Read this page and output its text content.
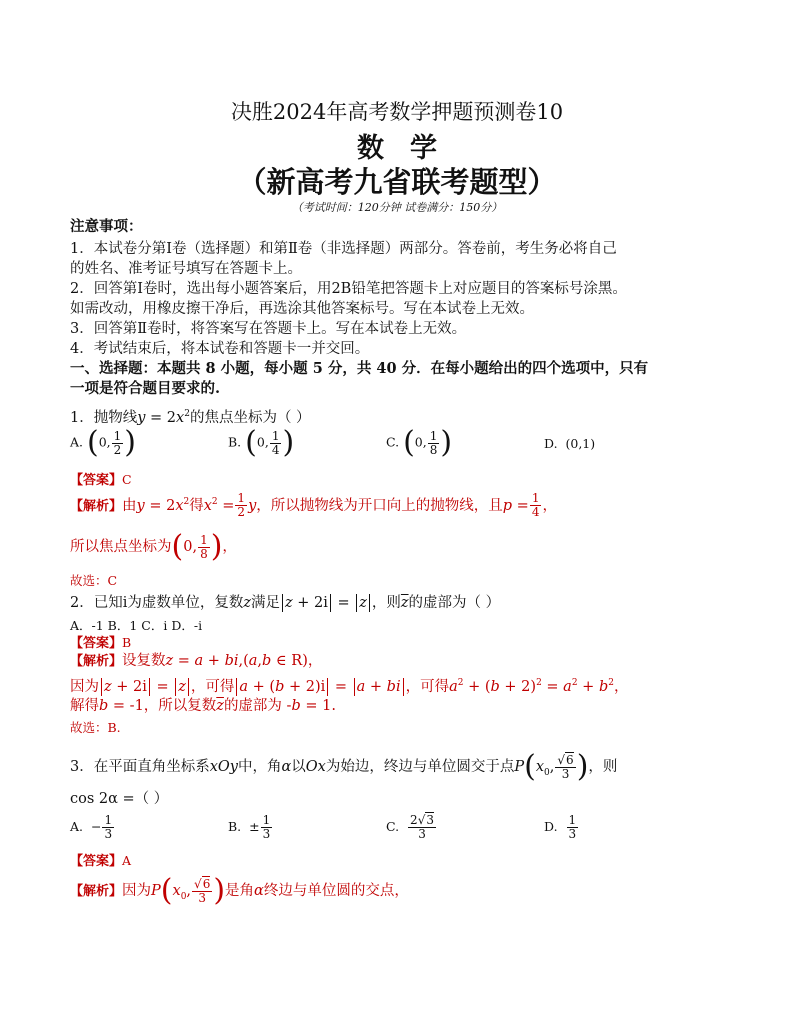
决胜2024年高考数学押题预测卷10
数学
（新高考九省联考题型）
（考试时间：120分钟 试卷满分：150分）
注意事项：
1．本试卷分第Ⅰ卷（选择题）和第Ⅱ卷（非选择题）两部分。答卷前，考生务必将自己
的姓名、准考证号填写在答题卡上。
2．回答第Ⅰ卷时，选出每小题答案后，用2B铅笔把答题卡上对应题目的答案标号涂黑。
如需改动，用橡皮擦干净后，再选涂其他答案标号。写在本试卷上无效。
3．回答第Ⅱ卷时，将答案写在答题卡上。写在本试卷上无效。
4．考试结束后，将本试卷和答题卡一并交回。
一、选择题：本题共 8 小题，每小题 5 分，共 40 分．在每小题给出的四个选项中，只有
一项是符合题目要求的.
1．抛物线$y = 2x^2$的焦点坐标为（ ）
A. (0, $\frac{1}{2}$ )	B. (0, $\frac{1}{4}$ )	C. (0, $\frac{1}{8}$ )	D.  (0,1)
【答案】C
【解析】由$y = 2x^2$得$x^2 = \frac{1}{2}$ y，所以抛物线为开口向上的抛物线，且$p = \frac{1}{4}$ ，
所以焦点坐标为(0, $\frac{1}{8}$ )，
故选：C
2．已知i为虚数单位，复数z满足 z + 2i = z ，则$\overline{z}$的虚部为（ ）
A．-1 B．1 C．i D．-i
【答案】B
【解析】设复数z = a + bi,(a,b ∈ R)，
因为 z + 2i = z ，可得 a + (b + 2)i = a + bi ，可得$a^2 + (b + 2)^2 = a^2 + b^2$，
解得b = -1，所以复数$\overline{z}$的虚部为 -b = 1.
故选：B.
3．在平面直角坐标系xOy中，角α以Ox为始边，终边与单位圆交于点$P(x_0$, $\frac{√6}{3}$ )，则
cos 2α =（ ）
A.  − $\frac{1}{3}$	B.  ± $\frac{1}{3}$	C. $\frac{2√3}{3}$	D. $\frac{1}{3}$
【答案】A
【解析】因为$P(x_0$, $\frac{√6}{3}$ )是角α终边与单位圆的交点，
